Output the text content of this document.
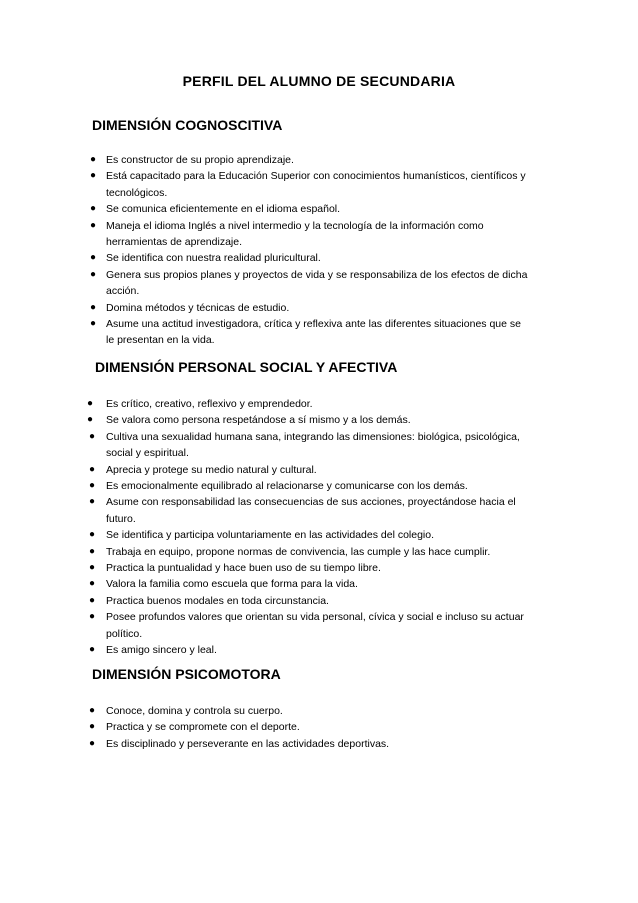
PERFIL DEL ALUMNO DE SECUNDARIA
DIMENSIÓN COGNOSCITIVA
● Es constructor de su propio aprendizaje.
● Está capacitado para la Educación Superior con conocimientos humanísticos, científicos y tecnológicos.
● Se comunica eficientemente en el idioma español.
● Maneja el idioma Inglés a nivel intermedio y la tecnología de la información como herramientas de aprendizaje.
● Se identifica con nuestra realidad pluricultural.
● Genera sus propios planes y proyectos de vida y se responsabiliza de los efectos de dicha acción.
● Domina métodos y técnicas de estudio.
● Asume una actitud investigadora, crítica y reflexiva ante las diferentes situaciones que se le presentan en la vida.
DIMENSIÓN PERSONAL SOCIAL Y AFECTIVA
● Es crítico, creativo, reflexivo y emprendedor.
● Se valora como persona respetándose a sí mismo y a los demás.
● Cultiva una sexualidad humana sana, integrando las dimensiones: biológica, psicológica, social y espiritual.
● Aprecia y protege su medio natural y cultural.
● Es emocionalmente equilibrado al relacionarse y comunicarse con los demás.
● Asume con responsabilidad las consecuencias de sus acciones, proyectándose hacia el futuro.
● Se identifica y participa voluntariamente en las actividades del colegio.
● Trabaja en equipo, propone normas de convivencia, las cumple y las hace cumplir.
● Practica la puntualidad y hace buen uso de su tiempo libre.
● Valora la familia como escuela que forma para la vida.
● Practica buenos modales en toda circunstancia.
● Posee profundos valores que orientan su vida personal, cívica y social e incluso su actuar político.
● Es amigo sincero y leal.
DIMENSIÓN PSICOMOTORA
● Conoce, domina y controla su cuerpo.
● Practica y se compromete con el deporte.
● Es disciplinado y perseverante en las actividades deportivas.
